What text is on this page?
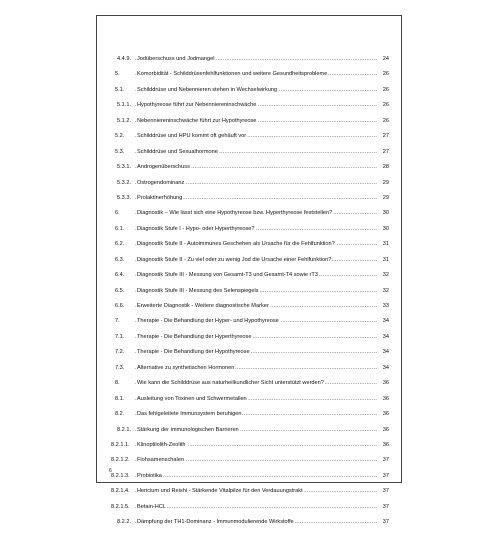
4.4.9.	Jodüberschuss und Jodmangel .....	24
5.	Komorbidität - Schilddrüsenfehlfunktionen und weitere Gesundheitsprobleme .....	26
5.1.	Schilddrüse und Nebennieren stehen in Wechselwirkung .....	26
5.1.1.	Hypothyreose führt zur Nebenniereninschwäche .....	26
5.1.2.	Nebenniereninschwäche führt zur Hypothyreose .....	26
5.2.	Schilddrüse und HPU kommt oft gehäuft vor .....	27
5.3.	Schilddrüse und Sexualhormone .....	27
5.3.1.	Androgenüberschuss .....	28
5.3.2.	Östrogendominanz .....	29
5.3.3.	Prolaktinerhöhung .....	29
6.	Diagnostik – Wie lässt sich eine Hypothyreose bzw. Hyperthyreose feststellen? .....	30
6.1.	Diagnostik Stufe I - Hypo- oder Hyperthyreose? .....	30
6.2.	Diagnostik Stufe II - Autoimmunes Geschehen als Ursache für die Fehlfunktion? .....	31
6.3.	Diagnostik Stufe II - Zu viel oder zu wenig Jod die Ursache einer Fehlfunktion? .....	31
6.4.	Diagnostik Stufe III - Messung von Gesamt-T3 und Gesamt-T4 sowie rT3 .....	32
6.5.	Diagnostik Stufe III - Messung des Selenspiegels .....	32
6.6.	Erweiterte Diagnostik - Weitere diagnostische Marker .....	33
7.	Therapie - Die Behandlung der Hyper- und Hypothyreose .....	34
7.1.	Therapie - Die Behandlung der Hyperthyreose .....	34
7.2.	Therapie - Die Behandlung der Hypothyreose .....	34
7.3.	Alternative zu synthetischen Hormonen .....	34
8.	Wie kann die Schilddrüse aus naturheilkundlicher Sicht unterstützt werden? .....	36
8.1.	Ausleitung von Toxinen und Schwermetallen .....	36
8.2.	Das fehlgeleitete Immunsystem beruhigen .....	36
8.2.1.	Stärkung der immunologischen Barrieren .....	36
8.2.1.1.	Klinoptilolith-Zeolith .....	36
8.2.1.2.	Flohsamenschalen .....	37
8.2.1.3.	Probiotika .....	37
8.2.1.4.	Hericium und Reishi - Stärkende Vitalpilze für den Verdauungstrakt .....	37
8.2.1.5.	Betain-HCL .....	37
8.2.2.	Dämpfung der TH1-Dominanz - Immunmodulierende Wirkstoffe .....	37
6
